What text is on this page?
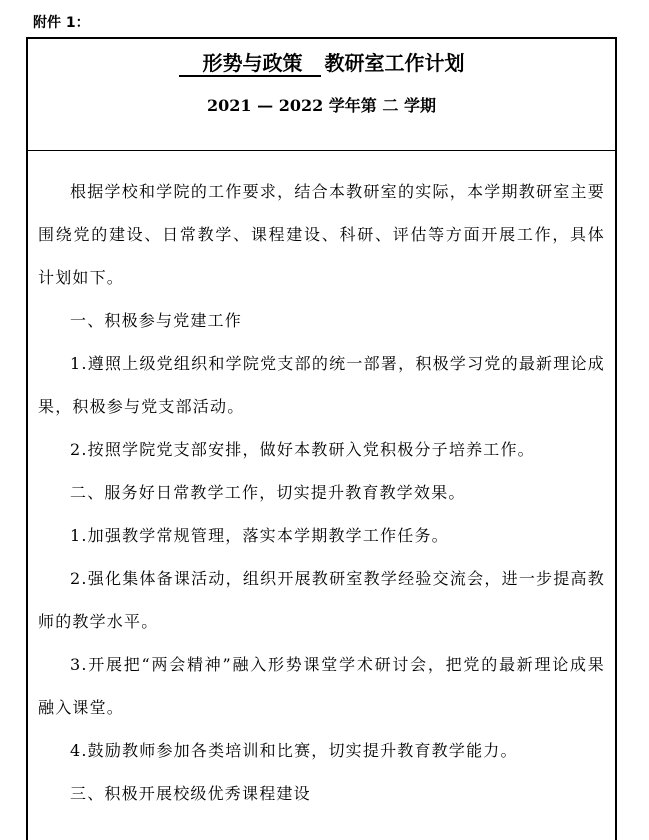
附件 1：
形势与政策 教研室工作计划
2021 — 2022 学年第 二 学期

根据学校和学院的工作要求，结合本教研室的实际，本学期教研室主要围绕党的建设、日常教学、课程建设、科研、评估等方面开展工作，具体计划如下。

一、积极参与党建工作

1.遵照上级党组织和学院党支部的统一部署，积极学习党的最新理论成果，积极参与党支部活动。

2.按照学院党支部安排，做好本教研入党积极分子培养工作。

二、服务好日常教学工作，切实提升教育教学效果。

1.加强教学常规管理，落实本学期教学工作任务。

2.强化集体备课活动，组织开展教研室教学经验交流会，进一步提高教师的教学水平。

3.开展把“两会精神”融入形势课堂学术研讨会，把党的最新理论成果融入课堂。

4.鼓励教师参加各类培训和比赛，切实提升教育教学能力。

三、积极开展校级优秀课程建设
